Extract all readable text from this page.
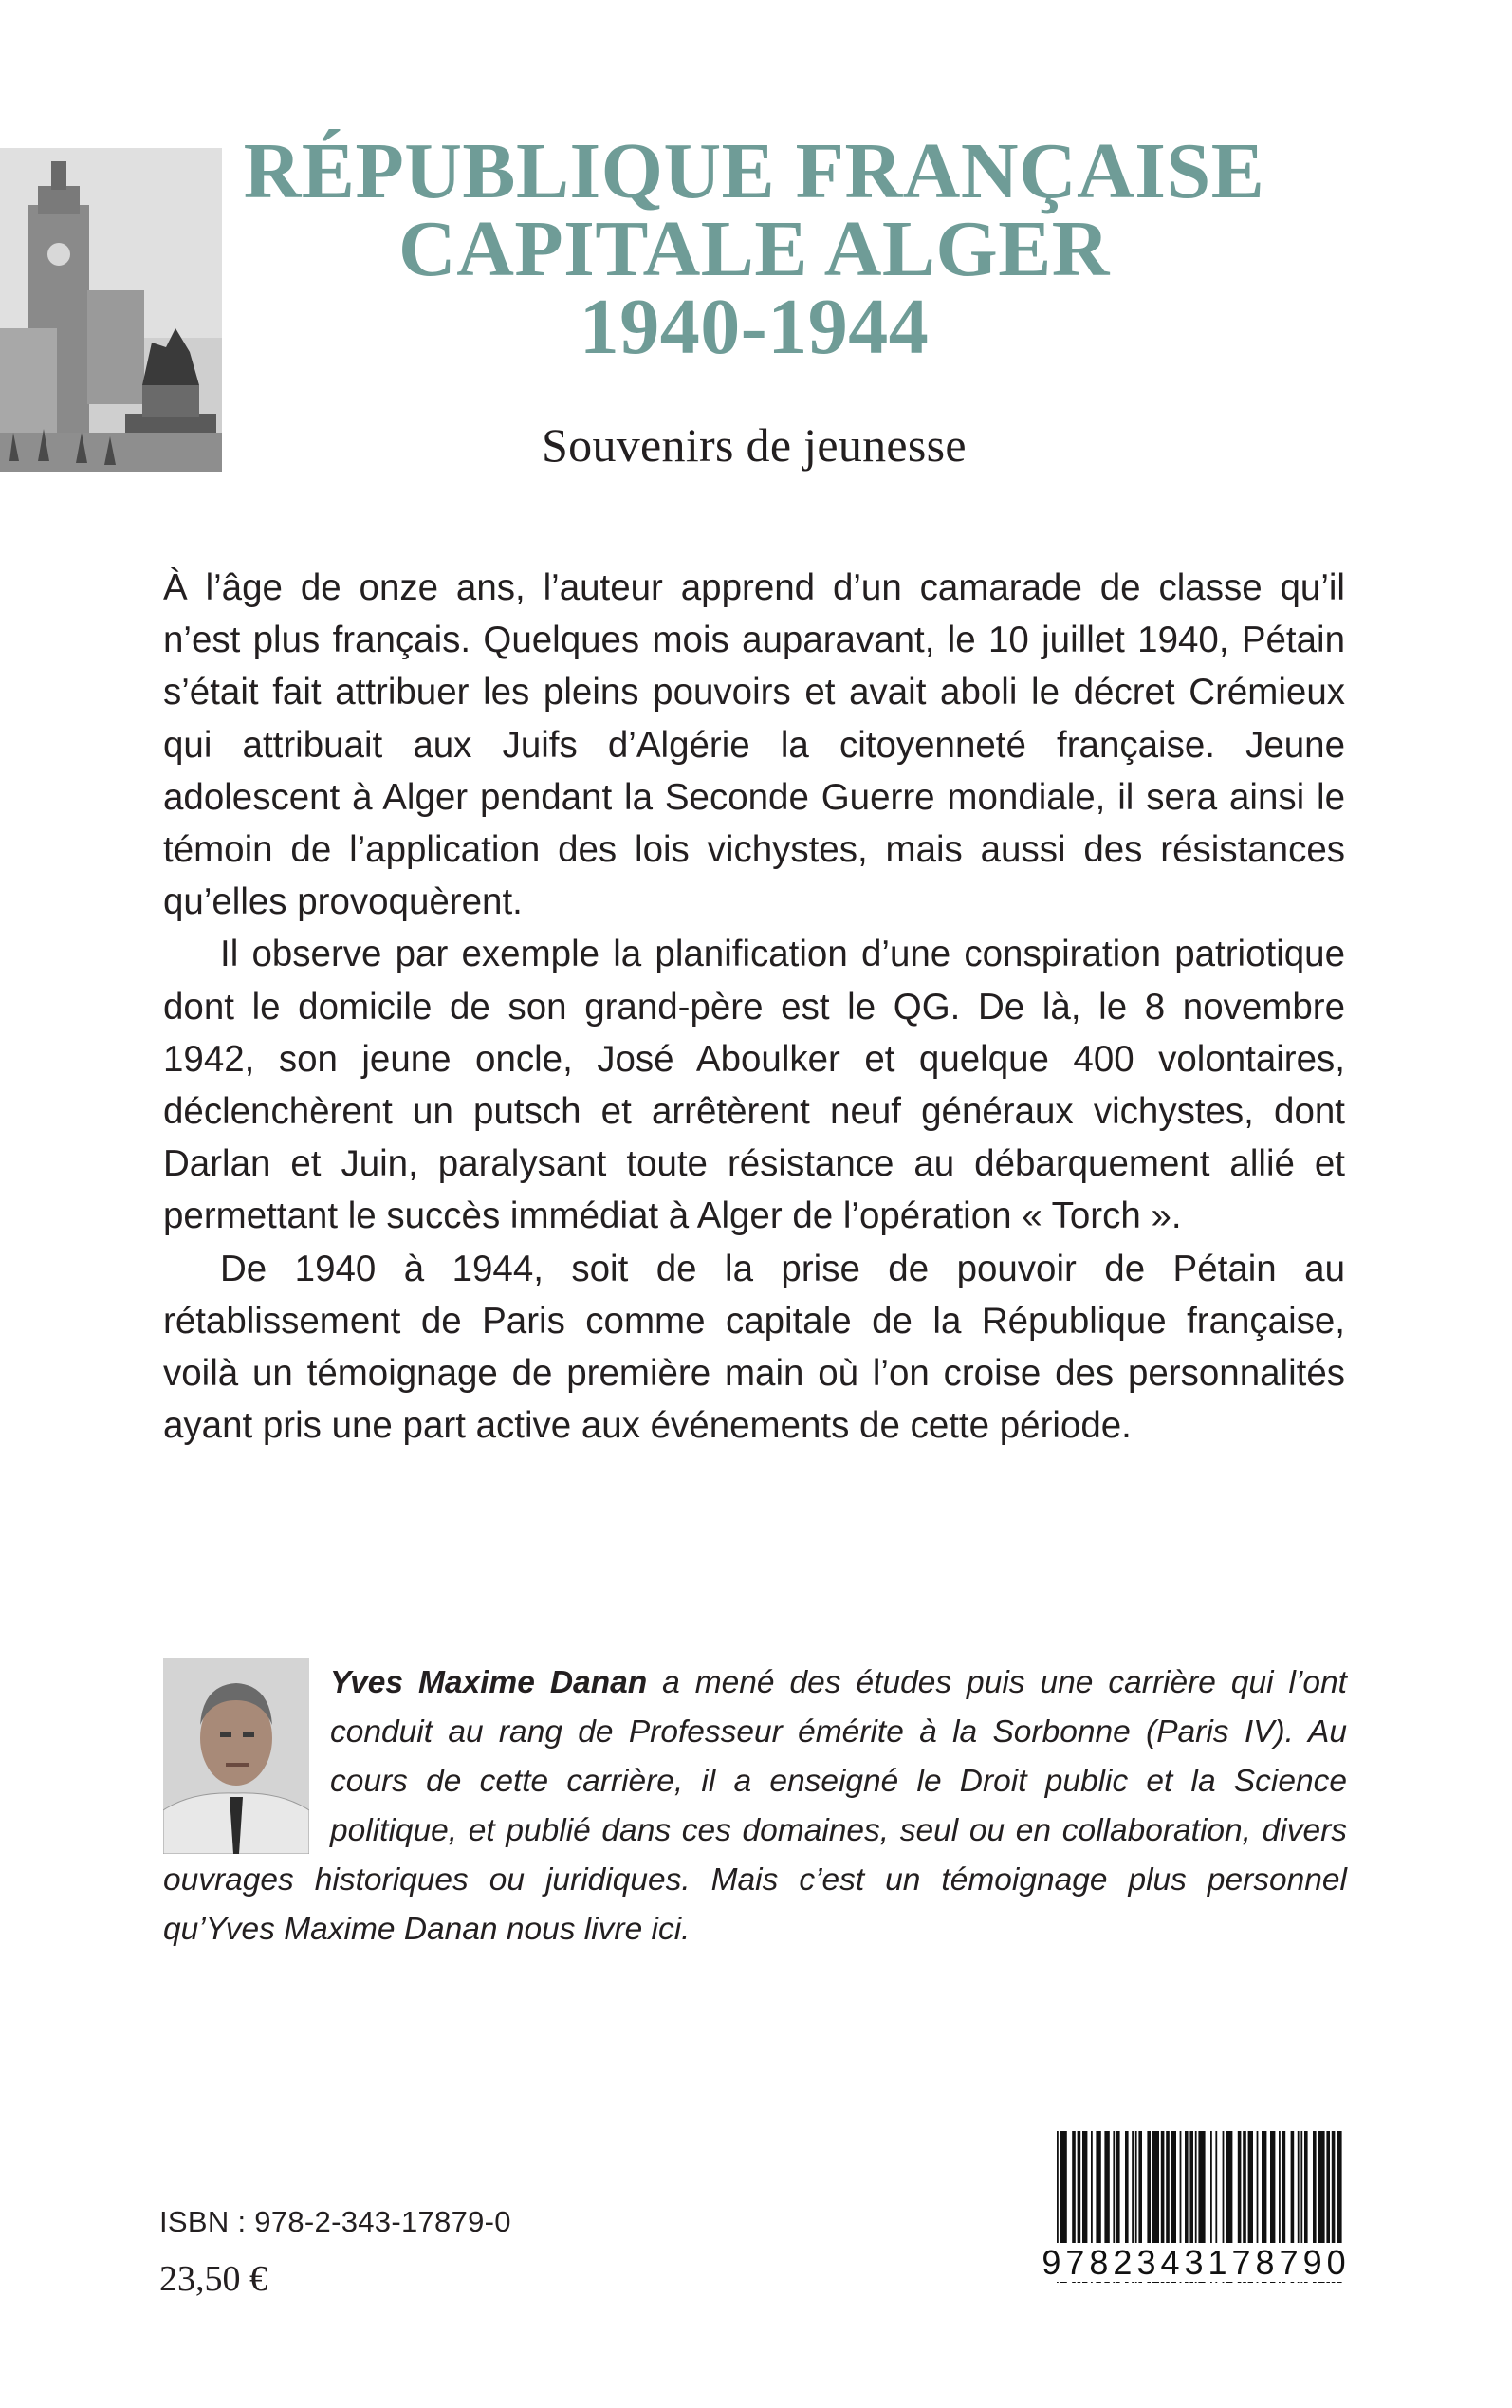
RÉPUBLIQUE FRANÇAISE
CAPITALE ALGER
1940-1944
Souvenirs de jeunesse

À l’âge de onze ans, l’auteur apprend d’un camarade de classe qu’il n’est plus français. Quelques mois auparavant, le 10 juillet 1940, Pétain s’était fait attribuer les pleins pouvoirs et avait aboli le décret Crémieux qui attribuait aux Juifs d’Algérie la citoyenneté française. Jeune adolescent à Alger pendant la Seconde Guerre mondiale, il sera ainsi le témoin de l’application des lois vichystes, mais aussi des résistances qu’elles provoquèrent.

Il observe par exemple la planification d’une conspiration patriotique dont le domicile de son grand-père est le QG. De là, le 8 novembre 1942, son jeune oncle, José Aboulker et quelque 400 volontaires, déclenchèrent un putsch et arrêtèrent neuf généraux vichystes, dont Darlan et Juin, paralysant toute résistance au débarquement allié et permettant le succès immédiat à Alger de l’opération « Torch ».

De 1940 à 1944, soit de la prise de pouvoir de Pétain au rétablissement de Paris comme capitale de la République française, voilà un témoignage de première main où l’on croise des personnalités ayant pris une part active aux événements de cette période.

Yves Maxime Danan a mené des études puis une carrière qui l’ont conduit au rang de Professeur émérite à la Sorbonne (Paris IV). Au cours de cette carrière, il a enseigné le Droit public et la Science politique, et publié dans ces domaines, seul ou en collaboration, divers ouvrages historiques ou juridiques. Mais c’est un témoignage plus personnel qu’Yves Maxime Danan nous livre ici.
ISBN : 978-2-343-17879-0
23,50 €	9782343178790
